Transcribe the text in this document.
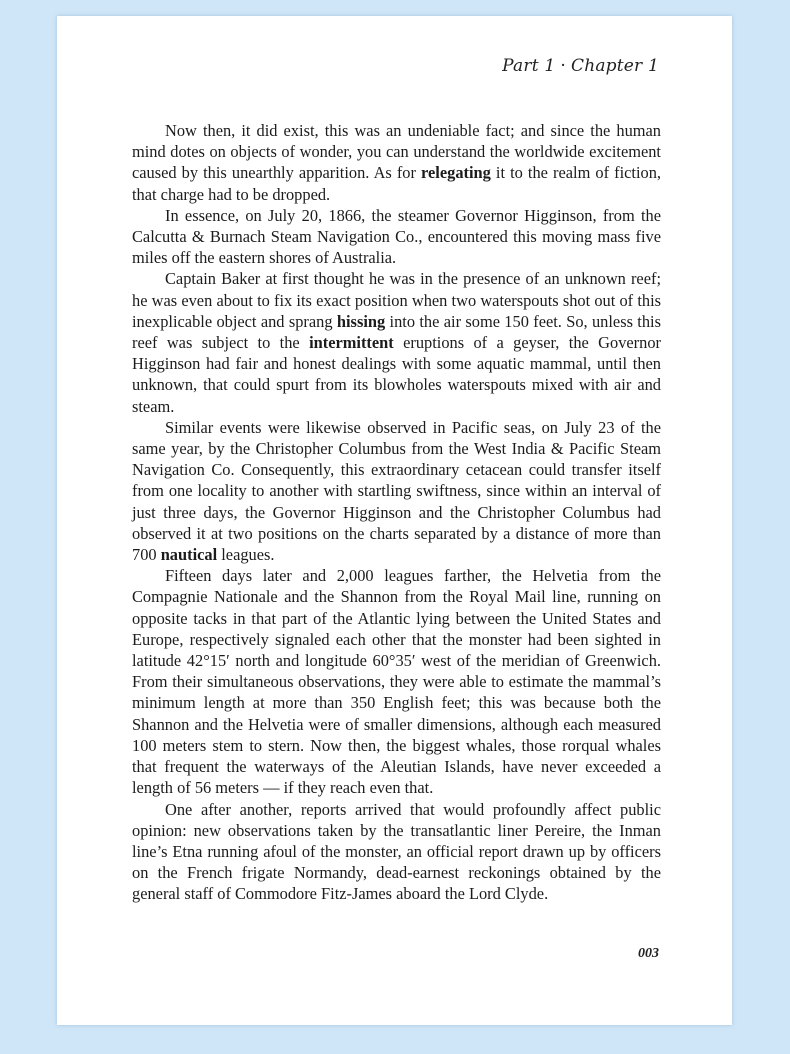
Part 1 · Chapter 1

Now then, it did exist, this was an undeniable fact; and since the human mind dotes on objects of wonder, you can understand the worldwide excitement caused by this unearthly apparition. As for relegating it to the realm of fiction, that charge had to be dropped.

In essence, on July 20, 1866, the steamer Governor Higginson, from the Calcutta & Burnach Steam Navigation Co., encountered this moving mass five miles off the eastern shores of Australia.

Captain Baker at first thought he was in the presence of an unknown reef; he was even about to fix its exact position when two waterspouts shot out of this inexplicable object and sprang hissing into the air some 150 feet. So, unless this reef was subject to the intermittent eruptions of a geyser, the Governor Higginson had fair and honest dealings with some aquatic mammal, until then unknown, that could spurt from its blowholes waterspouts mixed with air and steam.

Similar events were likewise observed in Pacific seas, on July 23 of the same year, by the Christopher Columbus from the West India & Pacific Steam Navigation Co. Consequently, this extraordinary cetacean could transfer itself from one locality to another with startling swiftness, since within an interval of just three days, the Governor Higginson and the Christopher Columbus had observed it at two positions on the charts separated by a distance of more than 700 nautical leagues.

Fifteen days later and 2,000 leagues farther, the Helvetia from the Compagnie Nationale and the Shannon from the Royal Mail line, running on opposite tacks in that part of the Atlantic lying between the United States and Europe, respectively signaled each other that the monster had been sighted in latitude 42°15′ north and longitude 60°35′ west of the meridian of Greenwich. From their simultaneous observations, they were able to estimate the mammal’s minimum length at more than 350 English feet; this was because both the Shannon and the Helvetia were of smaller dimensions, although each measured 100 meters stem to stern. Now then, the biggest whales, those rorqual whales that frequent the waterways of the Aleutian Islands, have never exceeded a length of 56 meters — if they reach even that.

One after another, reports arrived that would profoundly affect public opinion: new observations taken by the transatlantic liner Pereire, the Inman line’s Etna running afoul of the monster, an official report drawn up by officers on the French frigate Normandy, dead-earnest reckonings obtained by the general staff of Commodore Fitz-James aboard the Lord Clyde.

003
